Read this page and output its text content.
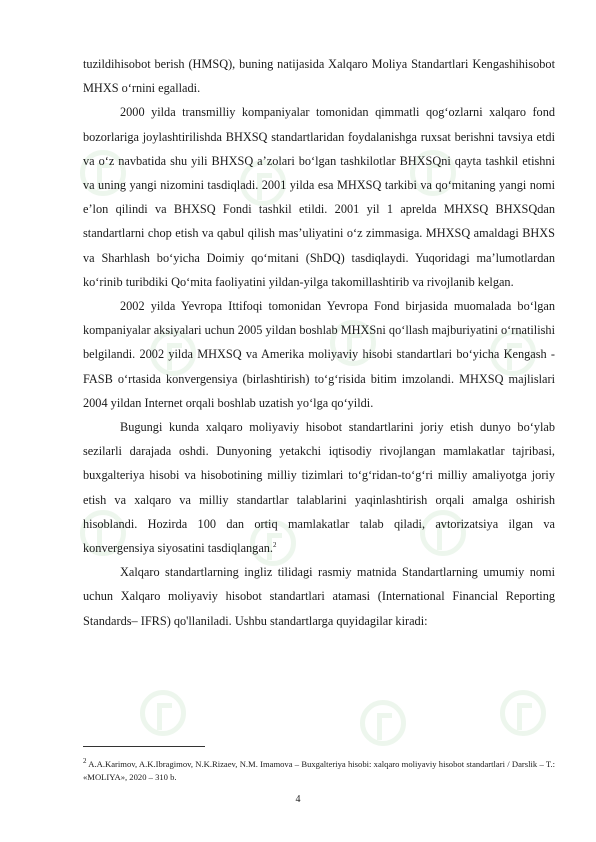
tuzildihisobot berish (HMSQ), buning natijasida Xalqaro Moliya Standartlari Kengashihisobot MHXS o‘rnini egalladi.

2000 yilda transmilliy kompaniyalar tomonidan qimmatli qog‘ozlarni xalqaro fond bozorlariga joylashtirilishda BHXSQ standartlaridan foydalanishga ruxsat berishni tavsiya etdi va o‘z navbatida shu yili BHXSQ a’zolari bo‘lgan tashkilotlar BHXSQni qayta tashkil etishni va uning yangi nizomini tasdiqladi. 2001 yilda esa MHXSQ tarkibi va qo‘mitaning yangi nomi e’lon qilindi va BHXSQ Fondi tashkil etildi. 2001 yil 1 aprelda MHXSQ BHXSQdan standartlarni chop etish va qabul qilish mas’uliyatini o‘z zimmasiga. MHXSQ amaldagi BHXS va Sharhlash bo‘yicha Doimiy qo‘mitani (ShDQ) tasdiqlaydi. Yuqoridagi ma’lumotlardan ko‘rinib turibdiki Qo‘mita faoliyatini yildan-yilga takomillashtirib va rivojlanib kelgan.

2002 yilda Yevropa Ittifoqi tomonidan Yevropa Fond birjasida muomalada bo‘lgan kompaniyalar aksiyalari uchun 2005 yildan boshlab MHXSni qo‘llash majburiyatini o‘rnatilishi belgilandi. 2002 yilda MHXSQ va Amerika moliyaviy hisobi standartlari bo‘yicha Kengash - FASB o‘rtasida konvergensiya (birlashtirish) to‘g‘risida bitim imzolandi. MHXSQ majlislari 2004 yildan Internet orqali boshlab uzatish yo‘lga qo‘yildi.

Bugungi kunda xalqaro moliyaviy hisobot standartlarini joriy etish dunyo bo‘ylab sezilarli darajada oshdi. Dunyoning yetakchi iqtisodiy rivojlangan mamlakatlar tajribasi, buxgalteriya hisobi va hisobotining milliy tizimlari to‘g‘ridan-to‘g‘ri milliy amaliyotga joriy etish va xalqaro va milliy standartlar talablarini yaqinlashtirish orqali amalga oshirish hisoblandi. Hozirda 100 dan ortiq mamlakatlar talab qiladi, avtorizatsiya ilgan va konvergensiya siyosatini tasdiqlangan.$^2$

Xalqaro standartlarning ingliz tilidagi rasmiy matnida Standartlarning umumiy nomi uchun Xalqaro moliyaviy hisobot standartlari atamasi (International Financial Reporting Standards– IFRS) qo'llaniladi. Ushbu standartlarga quyidagilar kiradi:

$^2$ A.A.Karimov, A.K.Ibragimov, N.K.Rizaev, N.M. Imamova – Buxgalteriya hisobi: xalqaro moliyaviy hisobot standartlari / Darslik – T.: «MOLIYA», 2020 – 310 b.
4
